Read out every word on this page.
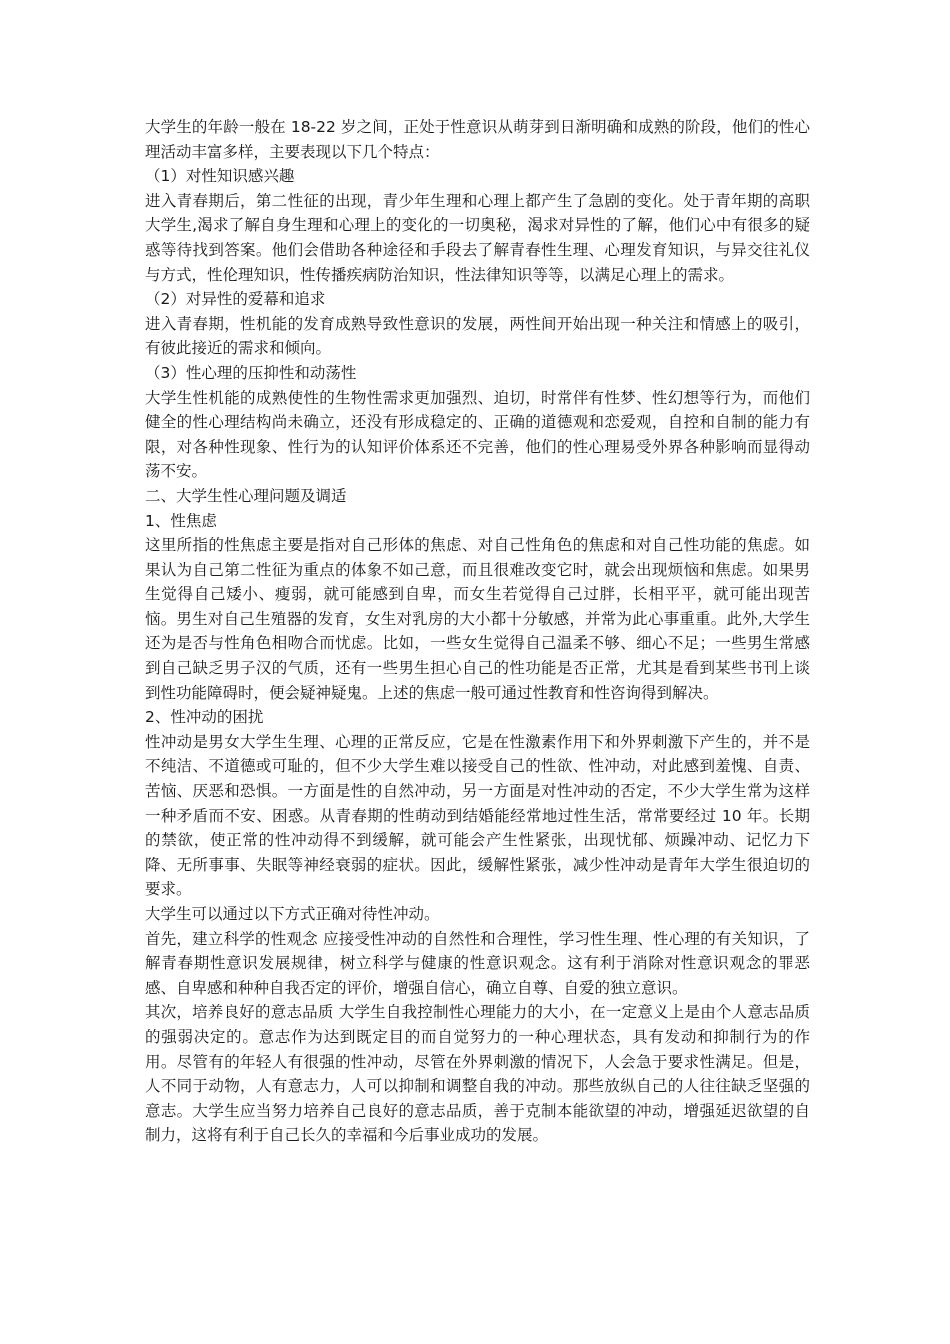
大学生的年龄一般在 18-22 岁之间，正处于性意识从萌芽到日渐明确和成熟的阶段，他们的性心理活动丰富多样，主要表现以下几个特点：

（1）对性知识感兴趣

进入青春期后，第二性征的出现，青少年生理和心理上都产生了急剧的变化。处于青年期的高职大学生,渴求了解自身生理和心理上的变化的一切奥秘，渴求对异性的了解，他们心中有很多的疑惑等待找到答案。他们会借助各种途径和手段去了解青春性生理、心理发育知识，与异交往礼仪与方式，性伦理知识，性传播疾病防治知识，性法律知识等等，以满足心理上的需求。

（2）对异性的爱幕和追求

进入青春期，性机能的发育成熟导致性意识的发展，两性间开始出现一种关注和情感上的吸引，有彼此接近的需求和倾向。

（3）性心理的压抑性和动荡性

大学生性机能的成熟使性的生物性需求更加强烈、迫切，时常伴有性梦、性幻想等行为，而他们健全的性心理结构尚未确立，还没有形成稳定的、正确的道德观和恋爱观，自控和自制的能力有限，对各种性现象、性行为的认知评价体系还不完善，他们的性心理易受外界各种影响而显得动荡不安。

二、大学生性心理问题及调适

1、性焦虑

这里所指的性焦虑主要是指对自己形体的焦虑、对自己性角色的焦虑和对自己性功能的焦虑。如果认为自己第二性征为重点的体象不如己意，而且很难改变它时，就会出现烦恼和焦虑。如果男生觉得自己矮小、瘦弱，就可能感到自卑，而女生若觉得自己过胖，长相平平，就可能出现苦恼。男生对自己生殖器的发育，女生对乳房的大小都十分敏感，并常为此心事重重。此外,大学生还为是否与性角色相吻合而忧虑。比如，一些女生觉得自己温柔不够、细心不足；一些男生常感到自己缺乏男子汉的气质，还有一些男生担心自己的性功能是否正常，尤其是看到某些书刊上谈到性功能障碍时，便会疑神疑鬼。上述的焦虑一般可通过性教育和性咨询得到解决。

2、性冲动的困扰

性冲动是男女大学生生理、心理的正常反应，它是在性激素作用下和外界刺激下产生的，并不是不纯洁、不道德或可耻的，但不少大学生难以接受自己的性欲、性冲动，对此感到羞愧、自责、苦恼、厌恶和恐惧。一方面是性的自然冲动，另一方面是对性冲动的否定，不少大学生常为这样一种矛盾而不安、困惑。从青春期的性萌动到结婚能经常地过性生活，常常要经过 10 年。长期的禁欲，使正常的性冲动得不到缓解，就可能会产生性紧张，出现忧郁、烦躁冲动、记忆力下降、无所事事、失眠等神经衰弱的症状。因此，缓解性紧张，减少性冲动是青年大学生很迫切的要求。

大学生可以通过以下方式正确对待性冲动。

首先，建立科学的性观念 应接受性冲动的自然性和合理性，学习性生理、性心理的有关知识，了解青春期性意识发展规律，树立科学与健康的性意识观念。这有利于消除对性意识观念的罪恶感、自卑感和种种自我否定的评价，增强自信心，确立自尊、自爱的独立意识。

其次，培养良好的意志品质 大学生自我控制性心理能力的大小，在一定意义上是由个人意志品质的强弱决定的。意志作为达到既定目的而自觉努力的一种心理状态，具有发动和抑制行为的作用。尽管有的年轻人有很强的性冲动，尽管在外界刺激的情况下，人会急于要求性满足。但是，人不同于动物，人有意志力，人可以抑制和调整自我的冲动。那些放纵自己的人往往缺乏坚强的意志。大学生应当努力培养自己良好的意志品质，善于克制本能欲望的冲动，增强延迟欲望的自制力，这将有利于自己长久的幸福和今后事业成功的发展。
